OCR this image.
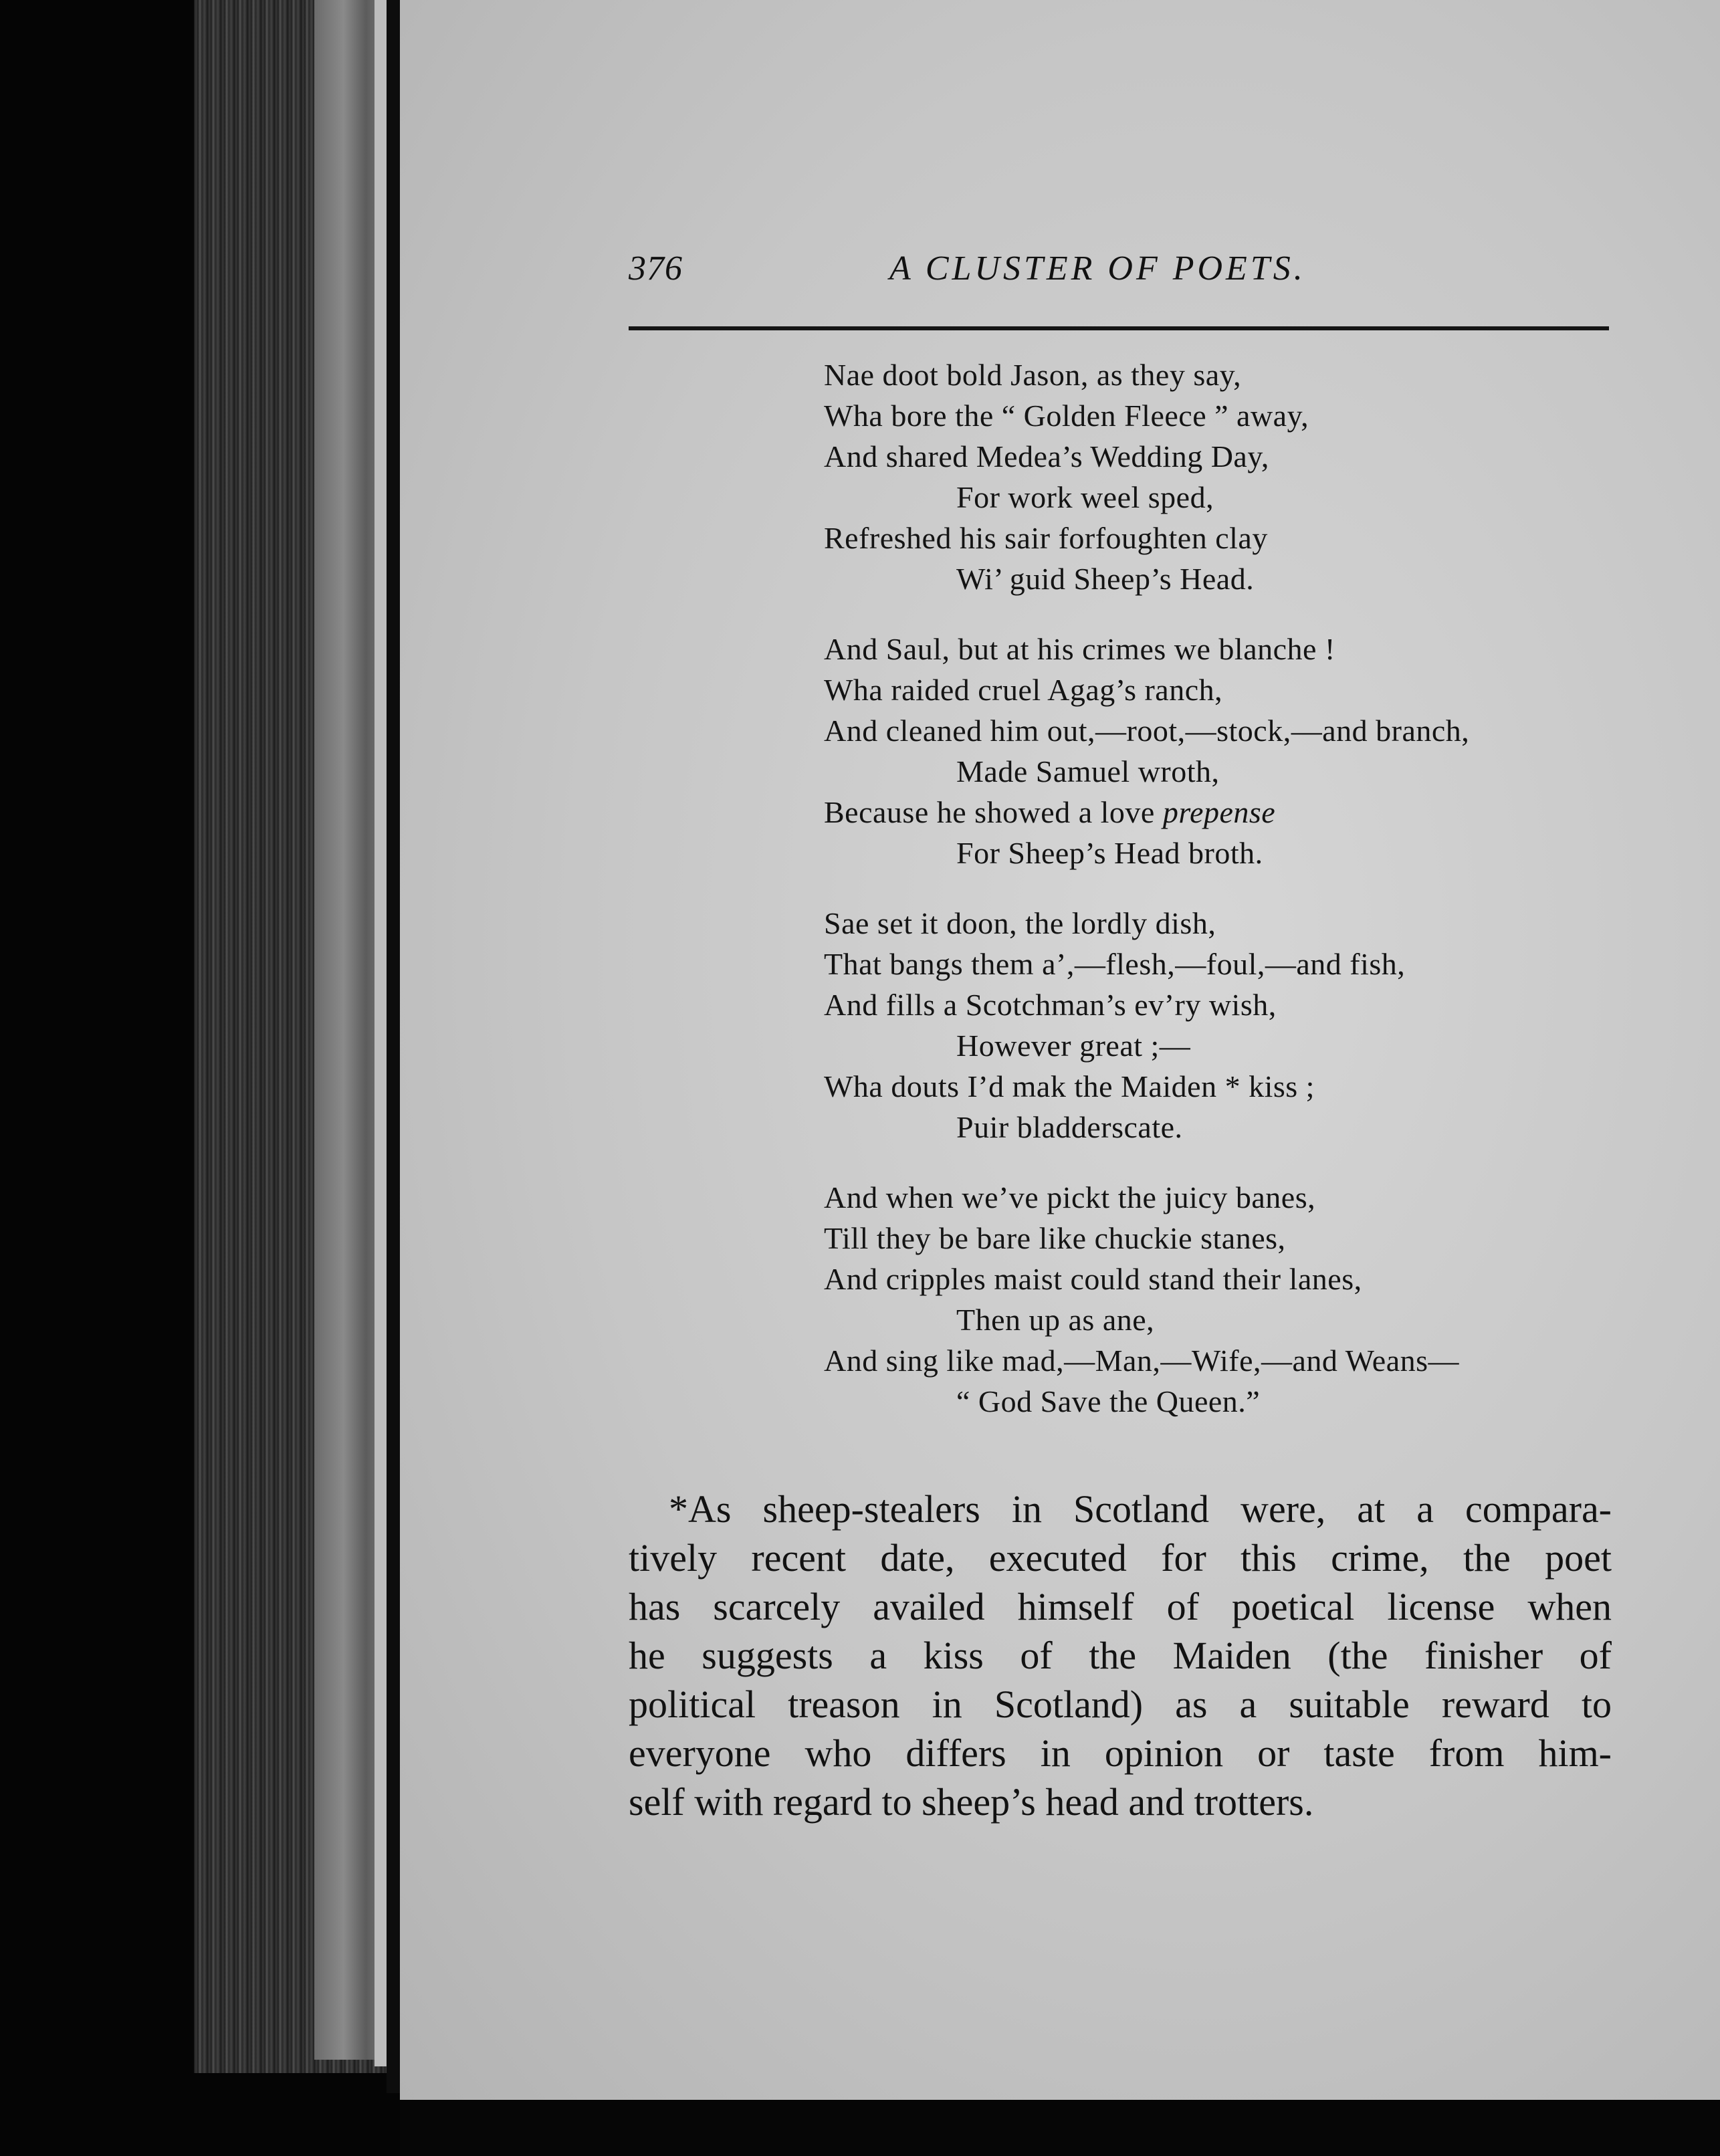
376	A CLUSTER OF POETS.
Nae doot bold Jason, as they say,
Wha bore the “ Golden Fleece ” away,
And shared Medea’s Wedding Day,
For work weel sped,
Refreshed his sair forfoughten clay
Wi’ guid Sheep’s Head.
And Saul, but at his crimes we blanche !
Wha raided cruel Agag’s ranch,
And cleaned him out,—root,—stock,—and branch,
Made Samuel wroth,
Because he showed a love prepense
For Sheep’s Head broth.
Sae set it doon, the lordly dish,
That bangs them a’,—flesh,—foul,—and fish,
And fills a Scotchman’s ev’ry wish,
However great ;—
Wha douts I’d mak the Maiden * kiss ;
Puir bladderscate.
And when we’ve pickt the juicy banes,
Till they be bare like chuckie stanes,
And cripples maist could stand their lanes,
Then up as ane,
And sing like mad,—Man,—Wife,—and Weans—
“ God Save the Queen.”
*As sheep-stealers in Scotland were, at a compara-
tively recent date, executed for this crime, the poet
has scarcely availed himself of poetical license when
he suggests a kiss of the Maiden (the finisher of
political treason in Scotland) as a suitable reward to
everyone who differs in opinion or taste from him-
self with regard to sheep’s head and trotters.
